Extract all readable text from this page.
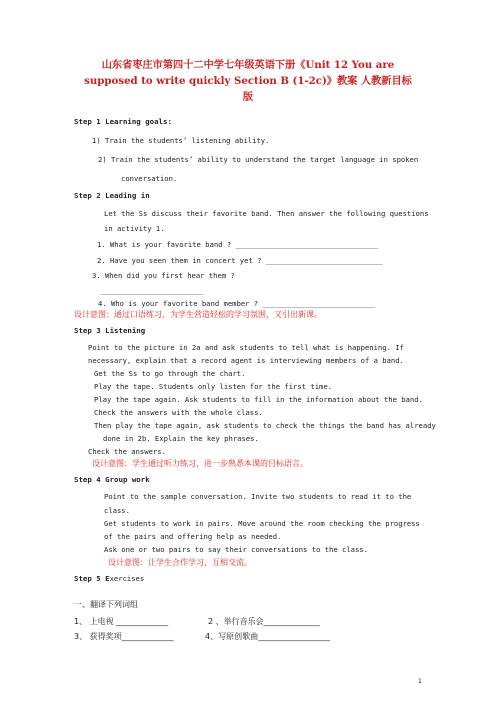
山东省枣庄市第四十二中学七年级英语下册《Unit 12 You are
supposed to write quickly Section B (1-2c)》教案 人教新目标
版
Step 1 Learning goals:
1) Train the students’ listening ability.
2) Train the students’ ability to understand the target language in spoken
conversation.
Step 2 Leading in
Let the Ss discuss their favorite band. Then answer the following questions
in activity 1.
1. What is your favorite band ? _________________________________
2. Have you seen them in concert yet ? ___________________________
3. When did you first hear them ?
________________________
4. Who is your favorite band member ? __________________________
设计意图：通过口语练习，为学生营造轻松的学习氛围，又引出新课。
Step 3 Listening
Point to the picture in 2a and ask students to tell what is happening. If
necessary, explain that a record agent is interviewing members of a band.
Get the Ss to go through the chart.
Play the tape. Students only listen for the first time.
Play the tape again. Ask students to fill in the information about the band.
Check the answers with the whole class.
Then play the tape again, ask students to check the things the band has already
done in 2b. Explain the key phrases.
Check the answers.
设计意图：学生通过听力练习，进一步熟悉本课的目标语言。
Step 4 Group work
Point to the sample conversation. Invite two students to read it to the
class.
Get students to work in pairs. Move around the room checking the progress
of the pairs and offering help as needed.
Ask one or two pairs to say their conversations to the class.
设计意图：让学生合作学习，互相交流。
Step 5 Exercises
一、翻译下列词组
1、 上电视 _____________	2 、举行音乐会______________
3、 获得奖项_____________	4、写原创歌曲__________________
1
